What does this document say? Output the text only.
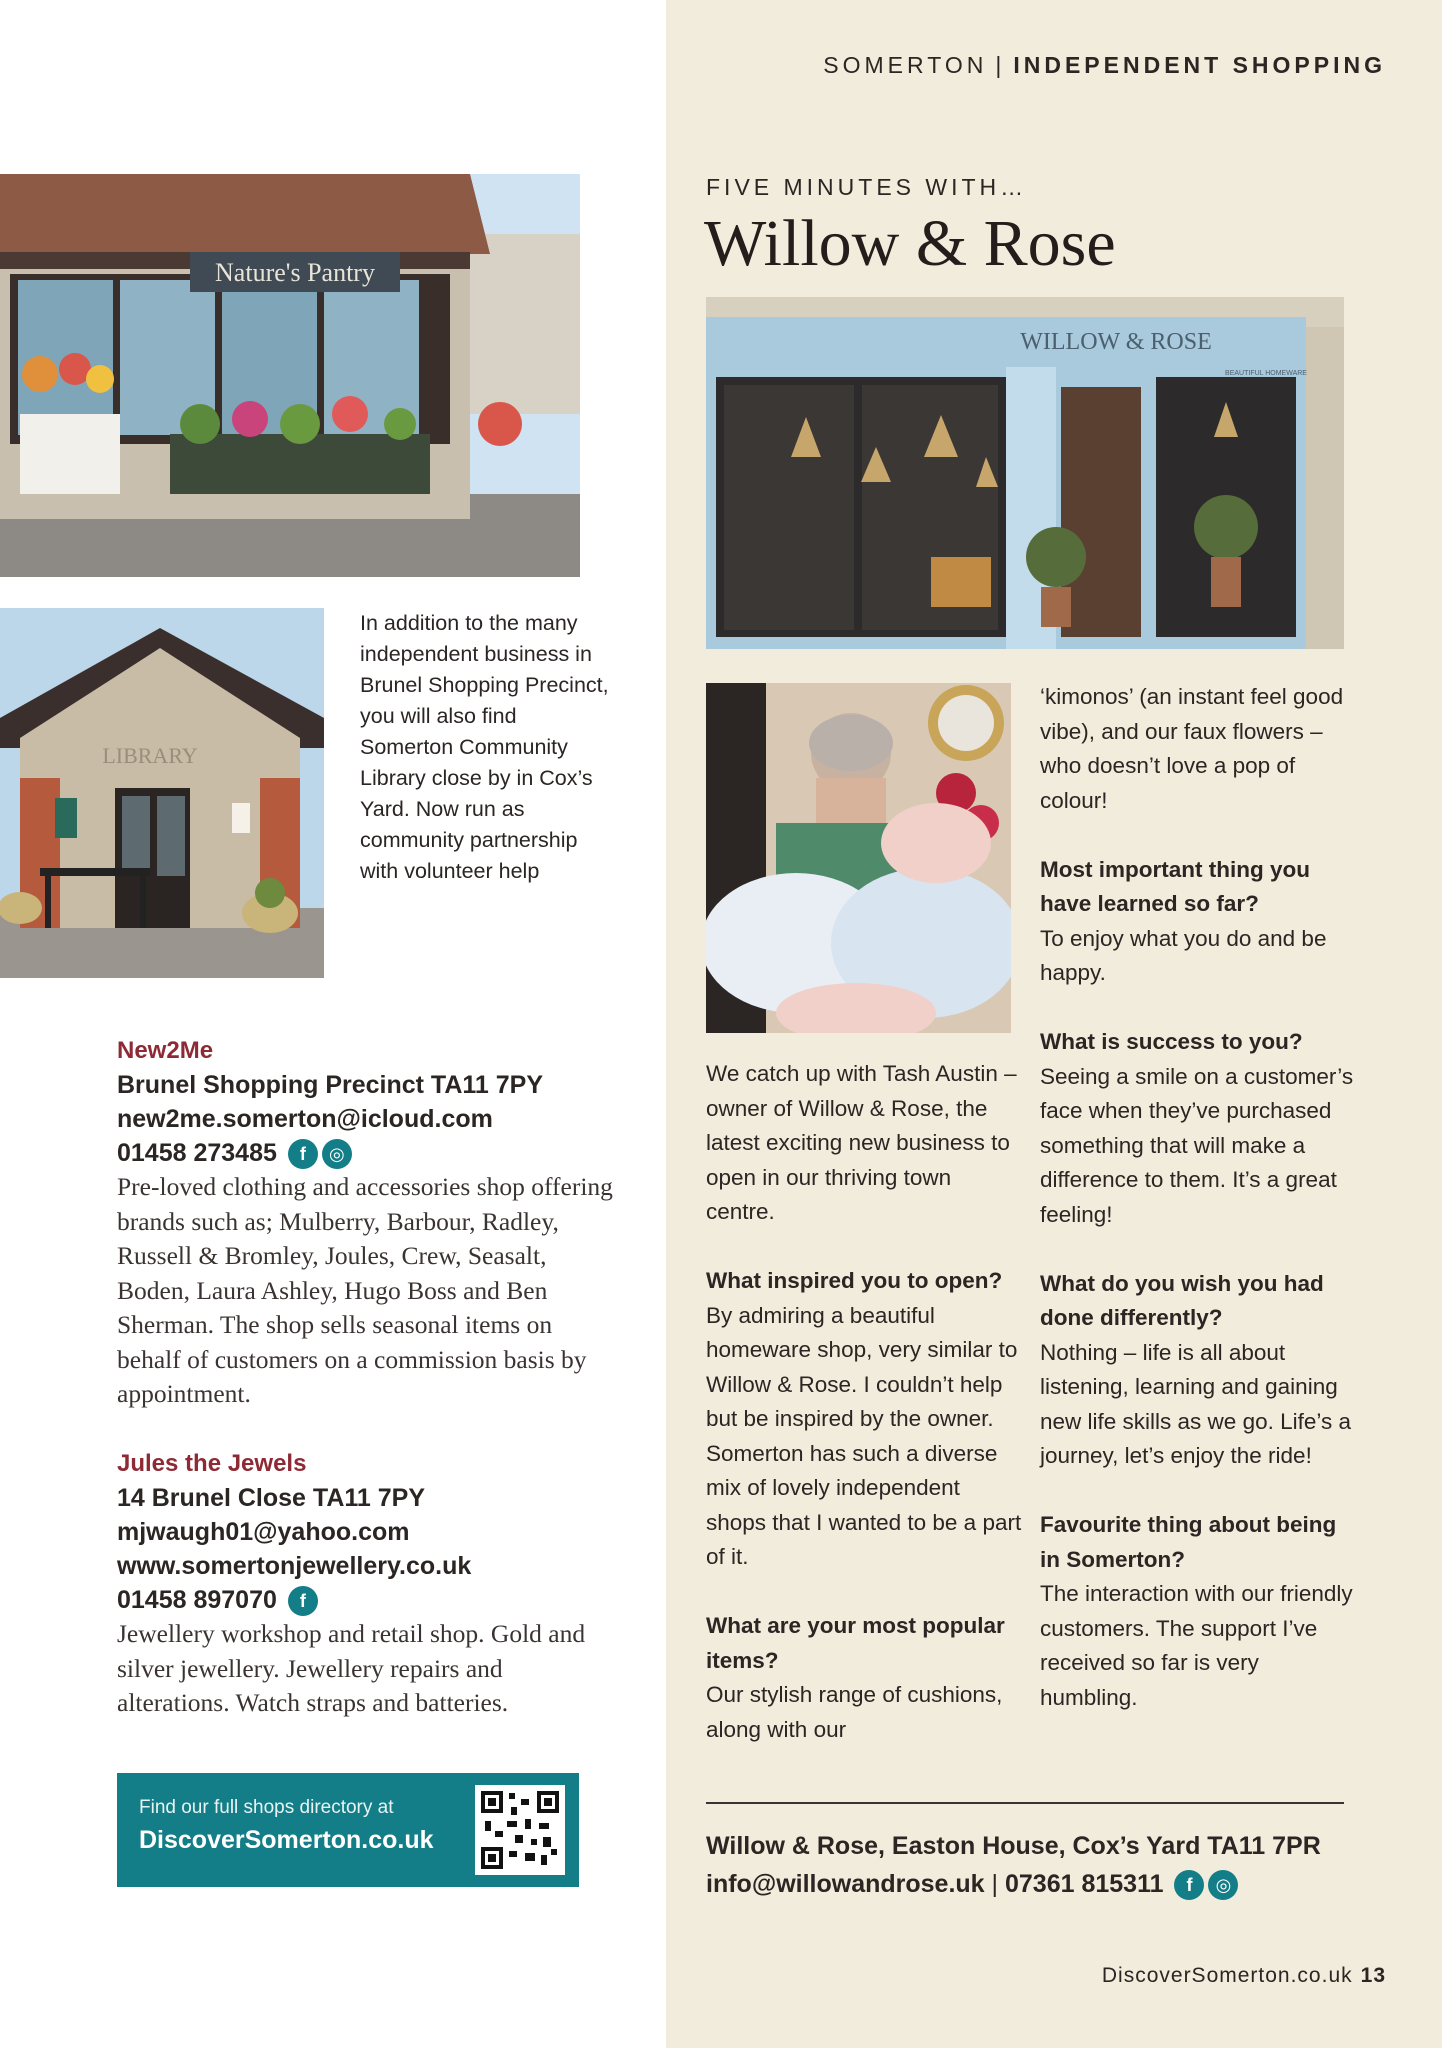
SOMERTON | INDEPENDENT SHOPPING
Nature's Pantry
LIBRARY
In addition to the many independent business in Brunel Shopping Precinct, you will also find Somerton Community Library close by in Cox’s Yard. Now run as community partnership with volunteer help
New2Me
Brunel Shopping Precinct TA11 7PY
new2me.somerton@icloud.com
01458 273485 f ◎
Pre-loved clothing and accessories shop offering brands such as; Mulberry, Barbour, Radley, Russell & Bromley, Joules, Crew, Seasalt, Boden, Laura Ashley, Hugo Boss and Ben Sherman. The shop sells seasonal items on behalf of customers on a commission basis by appointment.
Jules the Jewels
14 Brunel Close TA11 7PY
mjwaugh01@yahoo.com
www.somertonjewellery.co.uk
01458 897070 f
Jewellery workshop and retail shop. Gold and silver jewellery. Jewellery repairs and alterations. Watch straps and batteries.
Find our full shops directory at
DiscoverSomerton.co.uk
FIVE MINUTES WITH…
Willow & Rose
WILLOW & ROSE
BEAUTIFUL HOMEWARE

We catch up with Tash Austin – owner of Willow & Rose, the latest exciting new business to open in our thriving town centre.

What inspired you to open?
By admiring a beautiful homeware shop, very similar to Willow & Rose. I couldn’t help but be inspired by the owner. Somerton has such a diverse mix of lovely independent shops that I wanted to be a part of it.

What are your most popular items?
Our stylish range of cushions, along with our

‘kimonos’ (an instant feel good vibe), and our faux flowers – who doesn’t love a pop of colour!

Most important thing you have learned so far?
To enjoy what you do and be happy.

What is success to you?
Seeing a smile on a customer’s face when they’ve purchased something that will make a difference to them. It’s a great feeling!

What do you wish you had done differently?
Nothing – life is all about listening, learning and gaining new life skills as we go. Life’s a journey, let’s enjoy the ride!

Favourite thing about being in Somerton?
The interaction with our friendly customers. The support I’ve received so far is very humbling.

Willow & Rose, Easton House, Cox’s Yard TA11 7PR
info@willowandrose.uk | 07361 815311 f ◎
DiscoverSomerton.co.uk 13
